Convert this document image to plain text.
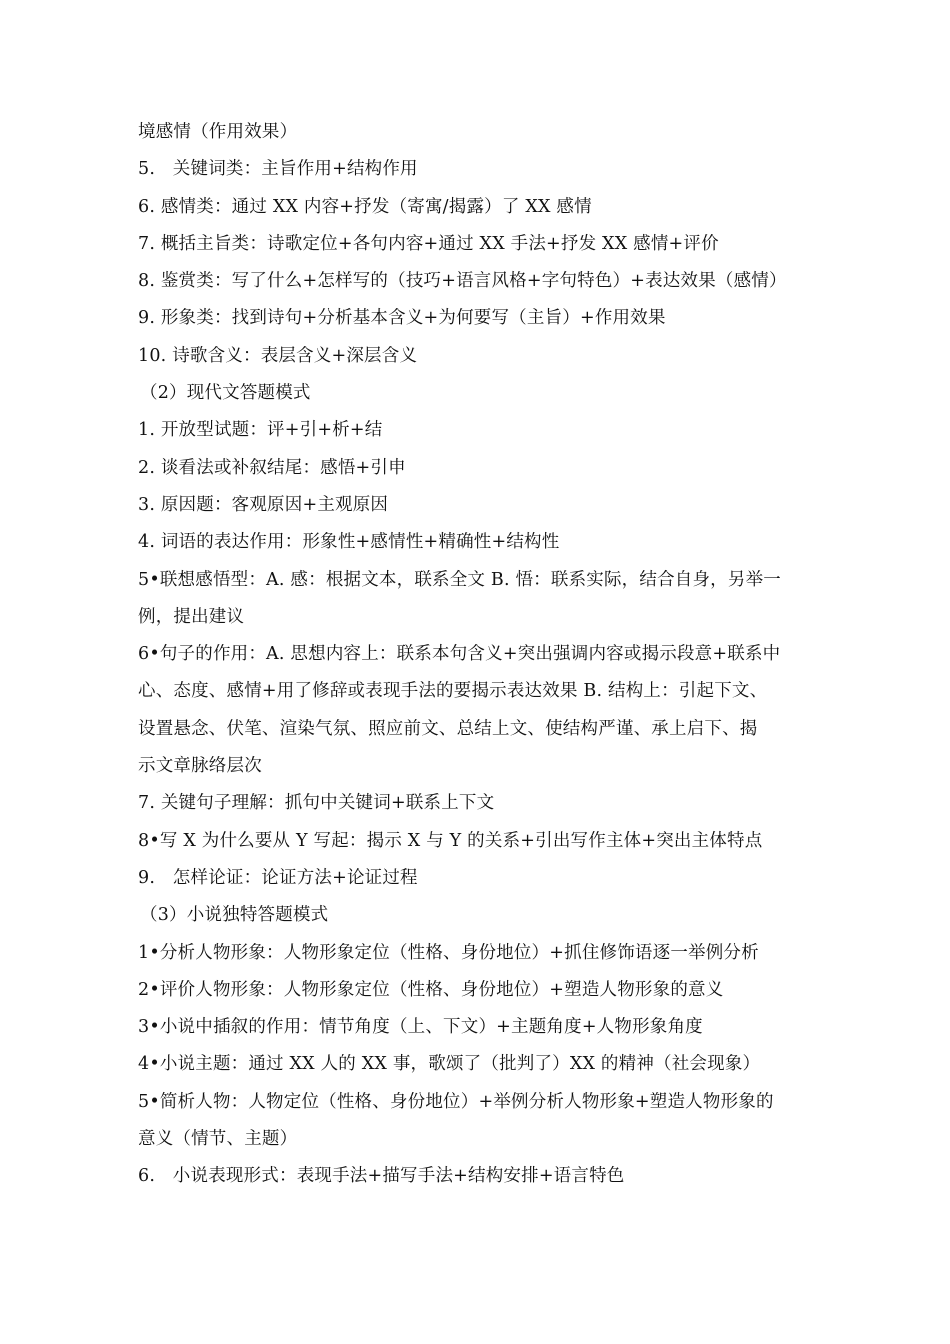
境感情（作用效果）
5.　关键词类：主旨作用+结构作用
6. 感情类：通过 XX 内容+抒发（寄寓/揭露）了 XX 感情
7. 概括主旨类：诗歌定位+各句内容+通过 XX 手法+抒发 XX 感情+评价
8. 鉴赏类：写了什么+怎样写的（技巧+语言风格+字句特色）+表达效果（感情）
9. 形象类：找到诗句+分析基本含义+为何要写（主旨）+作用效果
10. 诗歌含义：表层含义+深层含义
（2）现代文答题模式
1. 开放型试题：评+引+析+结
2. 谈看法或补叙结尾：感悟+引申
3. 原因题：客观原因+主观原因
4. 词语的表达作用：形象性+感情性+精确性+结构性
5•联想感悟型：A. 感：根据文本，联系全文 B. 悟：联系实际，结合自身，另举一
例，提出建议
6•句子的作用：A. 思想内容上：联系本句含义+突出强调内容或揭示段意+联系中
心、态度、感情+用了修辞或表现手法的要揭示表达效果 B. 结构上：引起下文、
设置悬念、伏笔、渲染气氛、照应前文、总结上文、使结构严谨、承上启下、揭
示文章脉络层次
7. 关键句子理解：抓句中关键词+联系上下文
8•写 X 为什么要从 Y 写起：揭示 X 与 Y 的关系+引出写作主体+突出主体特点
9.　怎样论证：论证方法+论证过程
（3）小说独特答题模式
1•分析人物形象：人物形象定位（性格、身份地位）+抓住修饰语逐一举例分析
2•评价人物形象：人物形象定位（性格、身份地位）+塑造人物形象的意义
3•小说中插叙的作用：情节角度（上、下文）+主题角度+人物形象角度
4•小说主题：通过 XX 人的 XX 事，歌颂了（批判了）XX 的精神（社会现象）
5•简析人物：人物定位（性格、身份地位）+举例分析人物形象+塑造人物形象的
意义（情节、主题）
6.　小说表现形式：表现手法+描写手法+结构安排+语言特色
